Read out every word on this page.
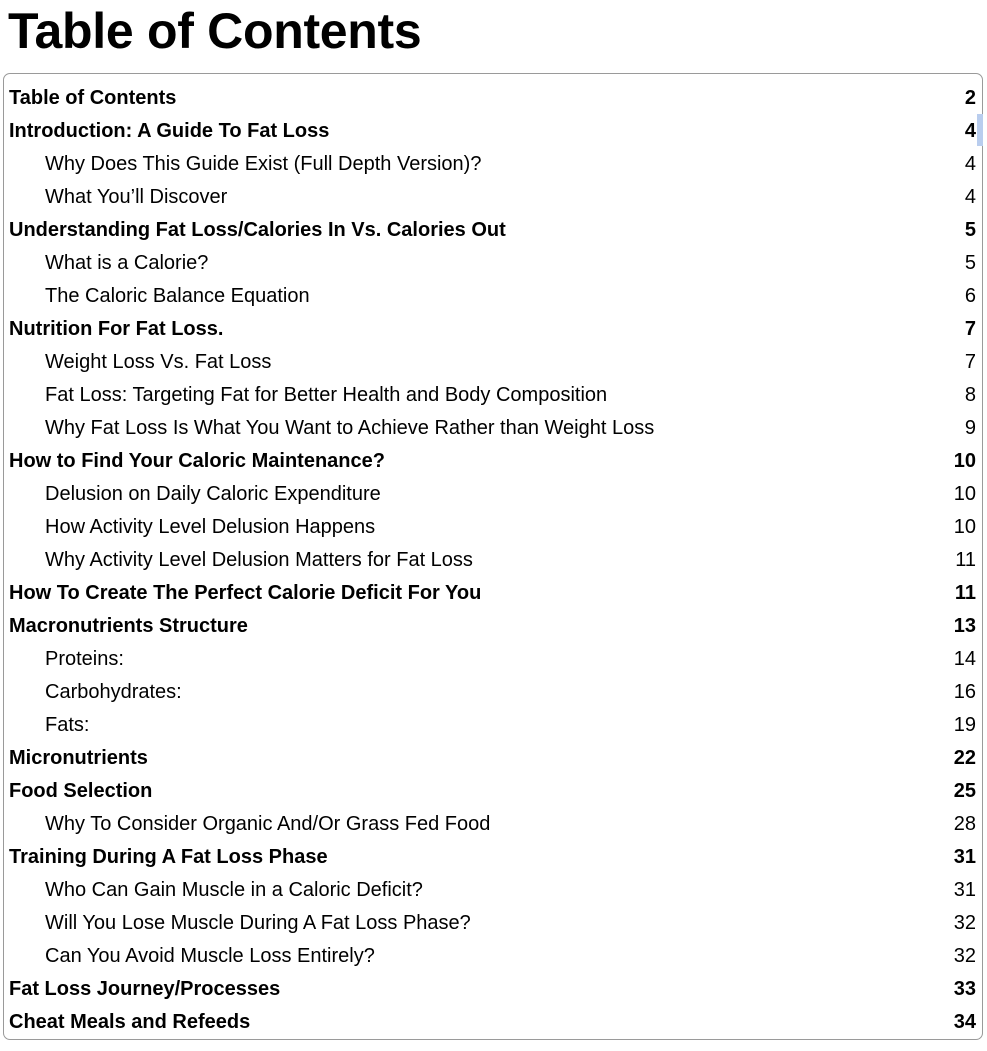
Table of Contents
Table of Contents	2
Introduction: A Guide To Fat Loss	4
Why Does This Guide Exist (Full Depth Version)?	4
What You’ll Discover	4
Understanding Fat Loss/Calories In Vs. Calories Out	5
What is a Calorie?	5
The Caloric Balance Equation	6
Nutrition For Fat Loss.	7
Weight Loss Vs. Fat Loss	7
Fat Loss: Targeting Fat for Better Health and Body Composition	8
Why Fat Loss Is What You Want to Achieve Rather than Weight Loss	9
How to Find Your Caloric Maintenance?	10
Delusion on Daily Caloric Expenditure	10
How Activity Level Delusion Happens	10
Why Activity Level Delusion Matters for Fat Loss	11
How To Create The Perfect Calorie Deficit For You	11
Macronutrients Structure	13
Proteins:	14
Carbohydrates:	16
Fats:	19
Micronutrients	22
Food Selection	25
Why To Consider Organic And/Or Grass Fed Food	28
Training During A Fat Loss Phase	31
Who Can Gain Muscle in a Caloric Deficit?	31
Will You Lose Muscle During A Fat Loss Phase?	32
Can You Avoid Muscle Loss Entirely?	32
Fat Loss Journey/Processes	33
Cheat Meals and Refeeds	34
